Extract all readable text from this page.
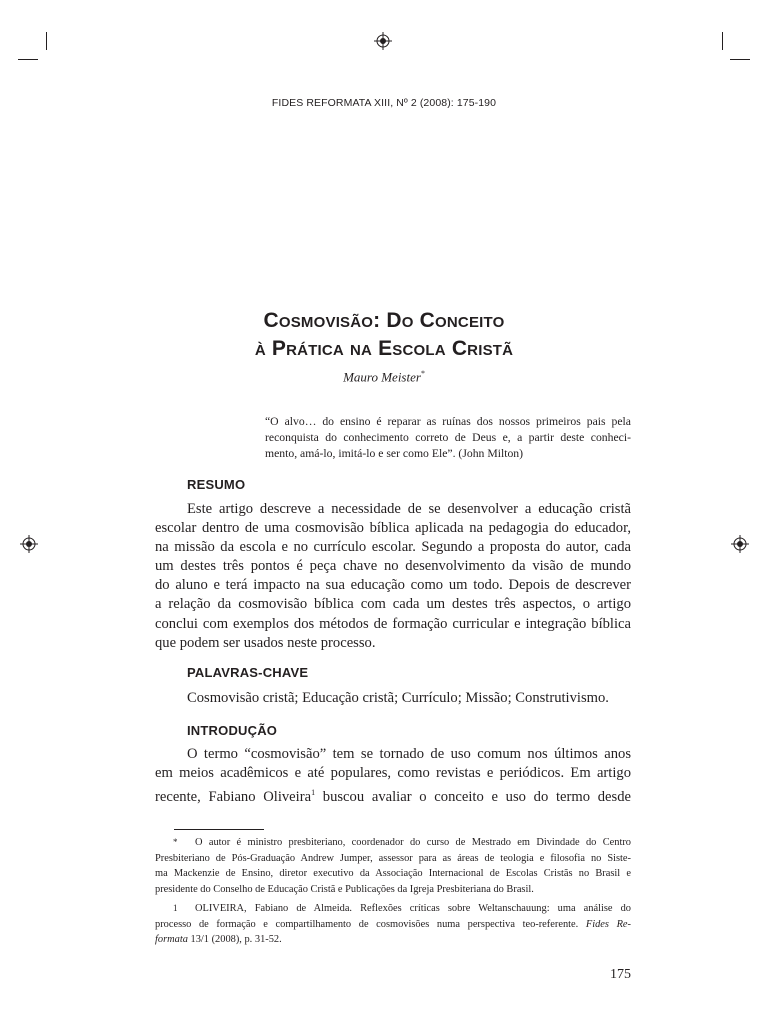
FIDES REFORMATA XIII, Nº 2 (2008): 175-190
Cosmovisão: Do Conceito
à Prática na Escola Cristã
Mauro Meister*
“O alvo… do ensino é reparar as ruínas dos nossos primeiros pais pela
reconquista do conhecimento correto de Deus e, a partir deste conheci-
mento, amá-lo, imitá-lo e ser como Ele”. (John Milton)
RESUMO
Este artigo descreve a necessidade de se desenvolver a educação cristã
escolar dentro de uma cosmovisão bíblica aplicada na pedagogia do educador,
na missão da escola e no currículo escolar. Segundo a proposta do autor, cada
um destes três pontos é peça chave no desenvolvimento da visão de mundo
do aluno e terá impacto na sua educação como um todo. Depois de descrever
a relação da cosmovisão bíblica com cada um destes três aspectos, o artigo
conclui com exemplos dos métodos de formação curricular e integração bíblica
que podem ser usados neste processo.
PALAVRAS-CHAVE
Cosmovisão cristã; Educação cristã; Currículo; Missão; Construtivismo.
INTRODUÇÃO
O termo “cosmovisão” tem se tornado de uso comum nos últimos anos
em meios acadêmicos e até populares, como revistas e periódicos. Em artigo
recente, Fabiano Oliveira$^1$ buscou avaliar o conceito e uso do termo desde
* O autor é ministro presbiteriano, coordenador do curso de Mestrado em Divindade do Centro
Presbiteriano de Pós-Graduação Andrew Jumper, assessor para as áreas de teologia e filosofia no Siste-
ma Mackenzie de Ensino, diretor executivo da Associação Internacional de Escolas Cristãs no Brasil e
presidente do Conselho de Educação Cristã e Publicações da Igreja Presbiteriana do Brasil.
1 OLIVEIRA, Fabiano de Almeida. Reflexões críticas sobre Weltanschauung: uma análise do
processo de formação e compartilhamento de cosmovisões numa perspectiva teo-referente. Fides Re-
formata 13/1 (2008), p. 31-52.
175
